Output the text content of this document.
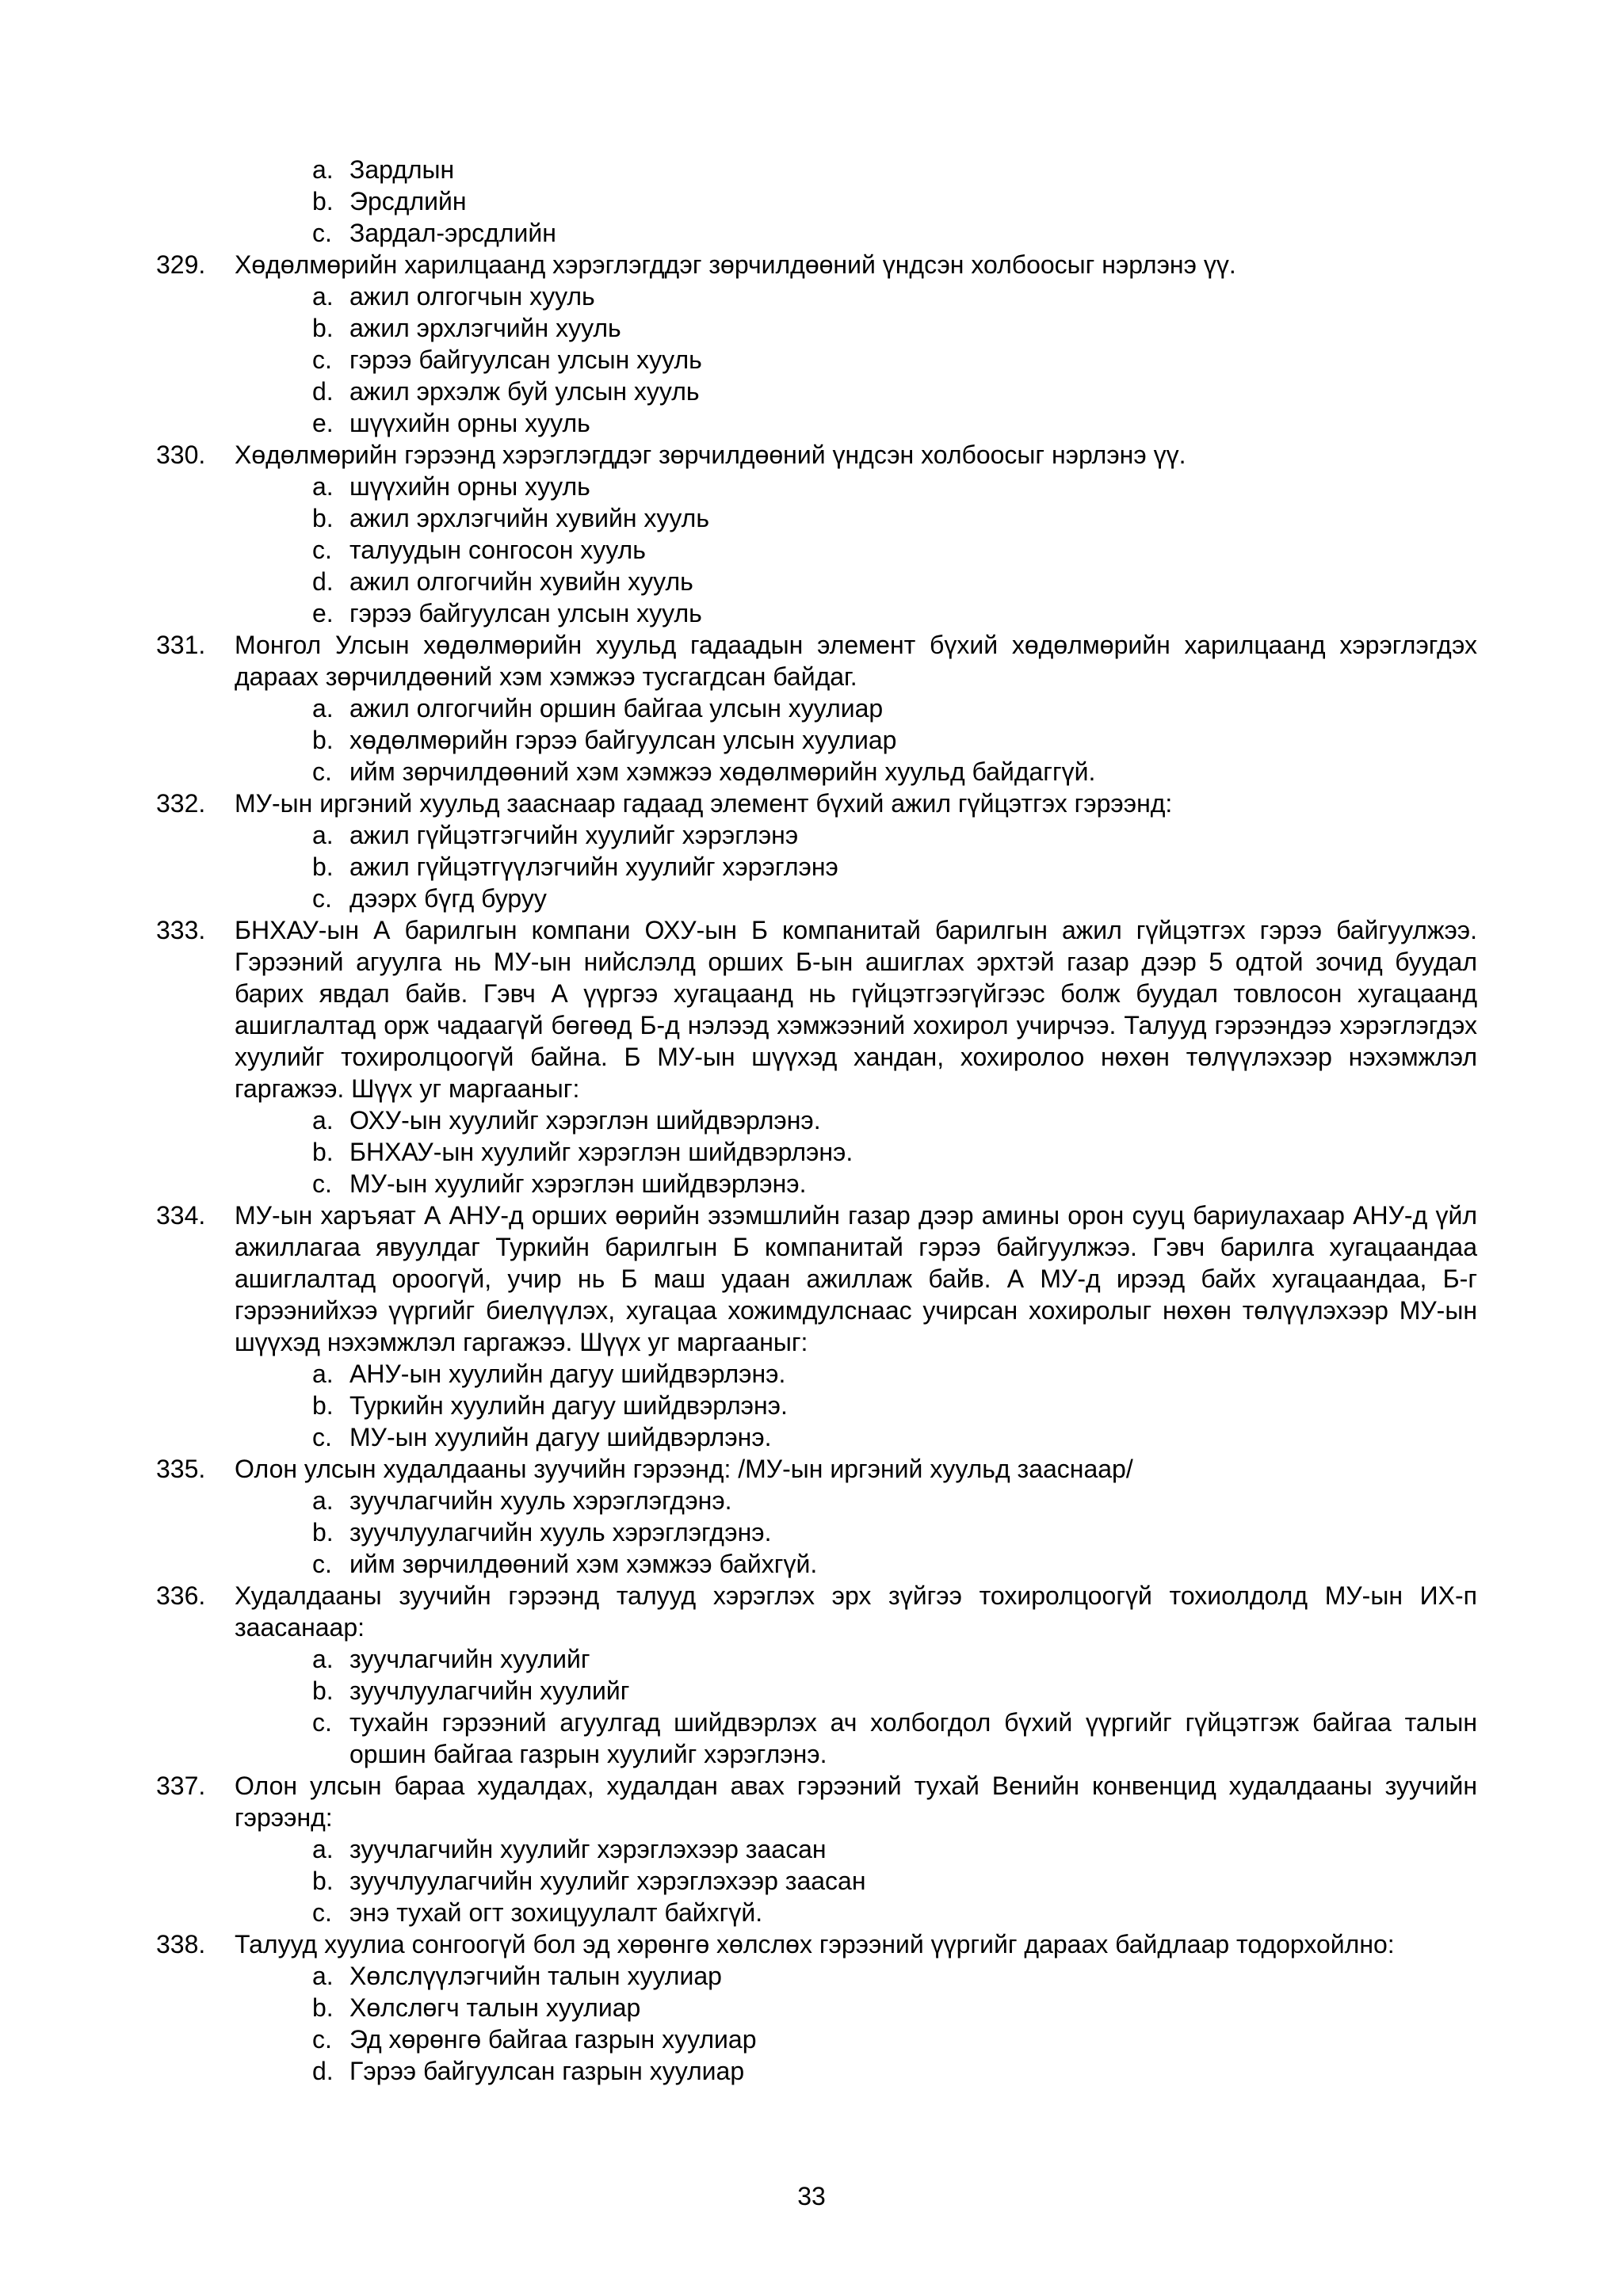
a. Зардлын
b. Эрсдлийн
c. Зардал-эрсдлийн
329.	Хөдөлмөрийн харилцаанд хэрэглэгддэг зөрчилдөөний үндсэн холбоосыг нэрлэнэ үү.
a. ажил олгогчын хууль
b. ажил эрхлэгчийн хууль
c. гэрээ байгуулсан улсын хууль
d. ажил эрхэлж буй улсын хууль
e. шүүхийн орны хууль
330.	Хөдөлмөрийн гэрээнд хэрэглэгддэг зөрчилдөөний үндсэн холбоосыг нэрлэнэ үү.
a. шүүхийн орны хууль
b. ажил эрхлэгчийн хувийн хууль
c. талуудын сонгосон хууль
d. ажил олгогчийн хувийн хууль
e. гэрээ байгуулсан улсын хууль
331.	Монгол Улсын хөдөлмөрийн хуульд гадаадын элемент бүхий хөдөлмөрийн харилцаанд хэрэглэгдэх дараах зөрчилдөөний хэм хэмжээ тусгагдсан байдаг.
a. ажил олгогчийн оршин байгаа улсын хуулиар
b. хөдөлмөрийн гэрээ байгуулсан улсын хуулиар
c. ийм зөрчилдөөний хэм хэмжээ хөдөлмөрийн хуульд байдаггүй.
332.	МУ-ын иргэний хуульд зааснаар гадаад элемент бүхий ажил гүйцэтгэх гэрээнд:
a. ажил гүйцэтгэгчийн хуулийг хэрэглэнэ
b. ажил гүйцэтгүүлэгчийн хуулийг хэрэглэнэ
c. дээрх бүгд буруу
333.	БНХАУ-ын А барилгын компани ОХУ-ын Б компанитай барилгын ажил гүйцэтгэх гэрээ байгуулжээ. Гэрээний агуулга нь МУ-ын нийслэлд орших Б-ын ашиглах эрхтэй газар дээр 5 одтой зочид буудал барих явдал байв. Гэвч А үүргээ хугацаанд нь гүйцэтгээгүйгээс болж буудал товлосон хугацаанд ашиглалтад орж чадаагүй бөгөөд Б-д нэлээд хэмжээний хохирол учирчээ. Талууд гэрээндээ хэрэглэгдэх хуулийг тохиролцоогүй байна. Б МУ-ын шүүхэд хандан, хохиролоо нөхөн төлүүлэхээр нэхэмжлэл гаргажээ. Шүүх уг маргааныг:
a. ОХУ-ын хуулийг хэрэглэн шийдвэрлэнэ.
b. БНХАУ-ын хуулийг хэрэглэн шийдвэрлэнэ.
c. МУ-ын хуулийг хэрэглэн шийдвэрлэнэ.
334.	МУ-ын харъяат А АНУ-д орших өөрийн эзэмшлийн газар дээр амины орон сууц бариулахаар АНУ-д үйл ажиллагаа явуулдаг Туркийн барилгын Б компанитай гэрээ байгуулжээ. Гэвч барилга хугацаандаа ашиглалтад ороогүй, учир нь Б маш удаан ажиллаж байв. А МУ-д ирээд байх хугацаандаа, Б-г гэрээнийхээ үүргийг биелүүлэх, хугацаа хожимдулснаас учирсан хохиролыг нөхөн төлүүлэхээр МУ-ын шүүхэд нэхэмжлэл гаргажээ. Шүүх уг маргааныг:
a. АНУ-ын хуулийн дагуу шийдвэрлэнэ.
b. Туркийн хуулийн дагуу шийдвэрлэнэ.
c. МУ-ын хуулийн дагуу шийдвэрлэнэ.
335.	Олон улсын худалдааны зуучийн гэрээнд: /МУ-ын иргэний хуульд зааснаар/
a. зуучлагчийн хууль хэрэглэгдэнэ.
b. зуучлуулагчийн хууль хэрэглэгдэнэ.
c. ийм зөрчилдөөний хэм хэмжээ байхгүй.
336.	Худалдааны зуучийн гэрээнд талууд хэрэглэх эрх зүйгээ тохиролцоогүй тохиолдолд МУ-ын ИХ-п заасанаар:
a. зуучлагчийн хуулийг
b. зуучлуулагчийн хуулийг
c. тухайн гэрээний агуулгад шийдвэрлэх ач холбогдол бүхий үүргийг гүйцэтгэж байгаа талын оршин байгаа газрын хуулийг хэрэглэнэ.
337.	Олон улсын бараа худалдах, худалдан авах гэрээний тухай Венийн конвенцид худалдааны зуучийн гэрээнд:
a. зуучлагчийн хуулийг хэрэглэхээр заасан
b. зуучлуулагчийн хуулийг хэрэглэхээр заасан
c. энэ тухай огт зохицуулалт байхгүй.
338.	Талууд хуулиа сонгоогүй бол эд хөрөнгө хөлслөх гэрээний үүргийг дараах байдлаар тодорхойлно:
a. Хөлслүүлэгчийн талын хуулиар
b. Хөлслөгч талын хуулиар
c. Эд хөрөнгө байгаа газрын хуулиар
d. Гэрээ байгуулсан газрын хуулиар
33
